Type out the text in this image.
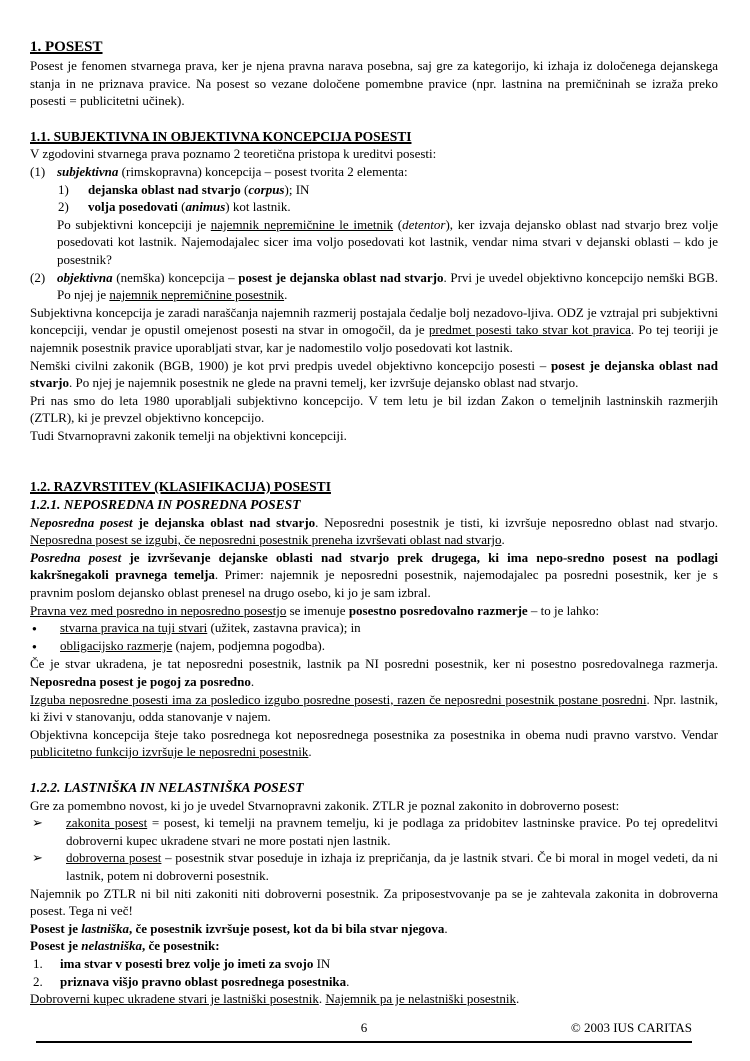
1. POSEST
Posest je fenomen stvarnega prava, ker je njena pravna narava posebna, saj gre za kategorijo, ki izhaja iz določenega dejanskega stanja in ne priznava pravice. Na posest so vezane določene pomembne pravice (npr. lastnina na premičninah se izraža preko posesti = publicitetni učinek).
1.1. SUBJEKTIVNA IN OBJEKTIVNA KONCEPCIJA POSESTI
V zgodovini stvarnega prava poznamo 2 teoretična pristopa k ureditvi posesti:
(1) subjektivna (rimskopravna) koncepcija – posest tvorita 2 elementa:
1) dejanska oblast nad stvarjo (corpus); IN
2) volja posedovati (animus) kot lastnik.
Po subjektivni koncepciji je najemnik nepremičnine le imetnik (detentor), ker izvaja dejansko oblast nad stvarjo brez volje posedovati kot lastnik. Najemodajalec sicer ima voljo posedovati kot lastnik, vendar nima stvari v dejanski oblasti – kdo je posestnik?
(2) objektivna (nemška) koncepcija – posest je dejanska oblast nad stvarjo. Prvi je uvedel objektivno koncepcijo nemški BGB. Po njej je najemnik nepremičnine posestnik.
Subjektivna koncepcija je zaradi naraščanja najemnih razmerij postajala čedalje bolj nezadovo-ljiva. ODZ je vztrajal pri subjektivni koncepciji, vendar je opustil omejenost posesti na stvar in omogočil, da je predmet posesti tako stvar kot pravica. Po tej teoriji je najemnik posestnik pravice uporabljati stvar, kar je nadomestilo voljo posedovati kot lastnik.
Nemški civilni zakonik (BGB, 1900) je kot prvi predpis uvedel objektivno koncepcijo posesti – posest je dejanska oblast nad stvarjo. Po njej je najemnik posestnik ne glede na pravni temelj, ker izvršuje dejansko oblast nad stvarjo.
Pri nas smo do leta 1980 uporabljali subjektivno koncepcijo. V tem letu je bil izdan Zakon o temeljnih lastninskih razmerjih (ZTLR), ki je prevzel objektivno koncepcijo.
Tudi Stvarnopravni zakonik temelji na objektivni koncepciji.
1.2. RAZVRSTITEV (KLASIFIKACIJA) POSESTI
1.2.1. NEPOSREDNA IN POSREDNA POSEST
Neposredna posest je dejanska oblast nad stvarjo. Neposredni posestnik je tisti, ki izvršuje neposredno oblast nad stvarjo. Neposredna posest se izgubi, če neposredni posestnik preneha izvrševati oblast nad stvarjo.
Posredna posest je izvrševanje dejanske oblasti nad stvarjo prek drugega, ki ima nepo-sredno posest na podlagi kakršnegakoli pravnega temelja. Primer: najemnik je neposredni posestnik, najemodajalec pa posredni posestnik, ker je s pravnim poslom dejansko oblast prenesel na drugo osebo, ki jo je sam izbral.
Pravna vez med posredno in neposredno posestjo se imenuje posestno posredovalno razmerje – to je lahko:
● stvarna pravica na tuji stvari (užitek, zastavna pravica); in
● obligacijsko razmerje (najem, podjemna pogodba).
Če je stvar ukradena, je tat neposredni posestnik, lastnik pa NI posredni posestnik, ker ni posestno posredovalnega razmerja. Neposredna posest je pogoj za posredno.
Izguba neposredne posesti ima za posledico izgubo posredne posesti, razen če neposredni posestnik postane posredni. Npr. lastnik, ki živi v stanovanju, odda stanovanje v najem.
Objektivna koncepcija šteje tako posrednega kot neposrednega posestnika za posestnika in obema nudi pravno varstvo. Vendar publicitetno funkcijo izvršuje le neposredni posestnik.
1.2.2. LASTNIŠKA IN NELASTNIŠKA POSEST
Gre za pomembno novost, ki jo je uvedel Stvarnopravni zakonik. ZTLR je poznal zakonito in dobroverno posest:
➢ zakonita posest = posest, ki temelji na pravnem temelju, ki je podlaga za pridobitev lastninske pravice. Po tej opredelitvi dobroverni kupec ukradene stvari ne more postati njen lastnik.
➢ dobroverna posest – posestnik stvar poseduje in izhaja iz prepričanja, da je lastnik stvari. Če bi moral in mogel vedeti, da ni lastnik, potem ni dobroverni posestnik.
Najemnik po ZTLR ni bil niti zakoniti niti dobroverni posestnik. Za priposestvovanje pa se je zahtevala zakonita in dobroverna posest. Tega ni več!
Posest je lastniška, če posestnik izvršuje posest, kot da bi bila stvar njegova.
Posest je nelastniška, če posestnik:
1. ima stvar v posesti brez volje jo imeti za svojo IN
2. priznava višjo pravno oblast posrednega posestnika.
Dobroverni kupec ukradene stvari je lastniški posestnik. Najemnik pa je nelastniški posestnik.
6	© 2003 IUS CARITAS
